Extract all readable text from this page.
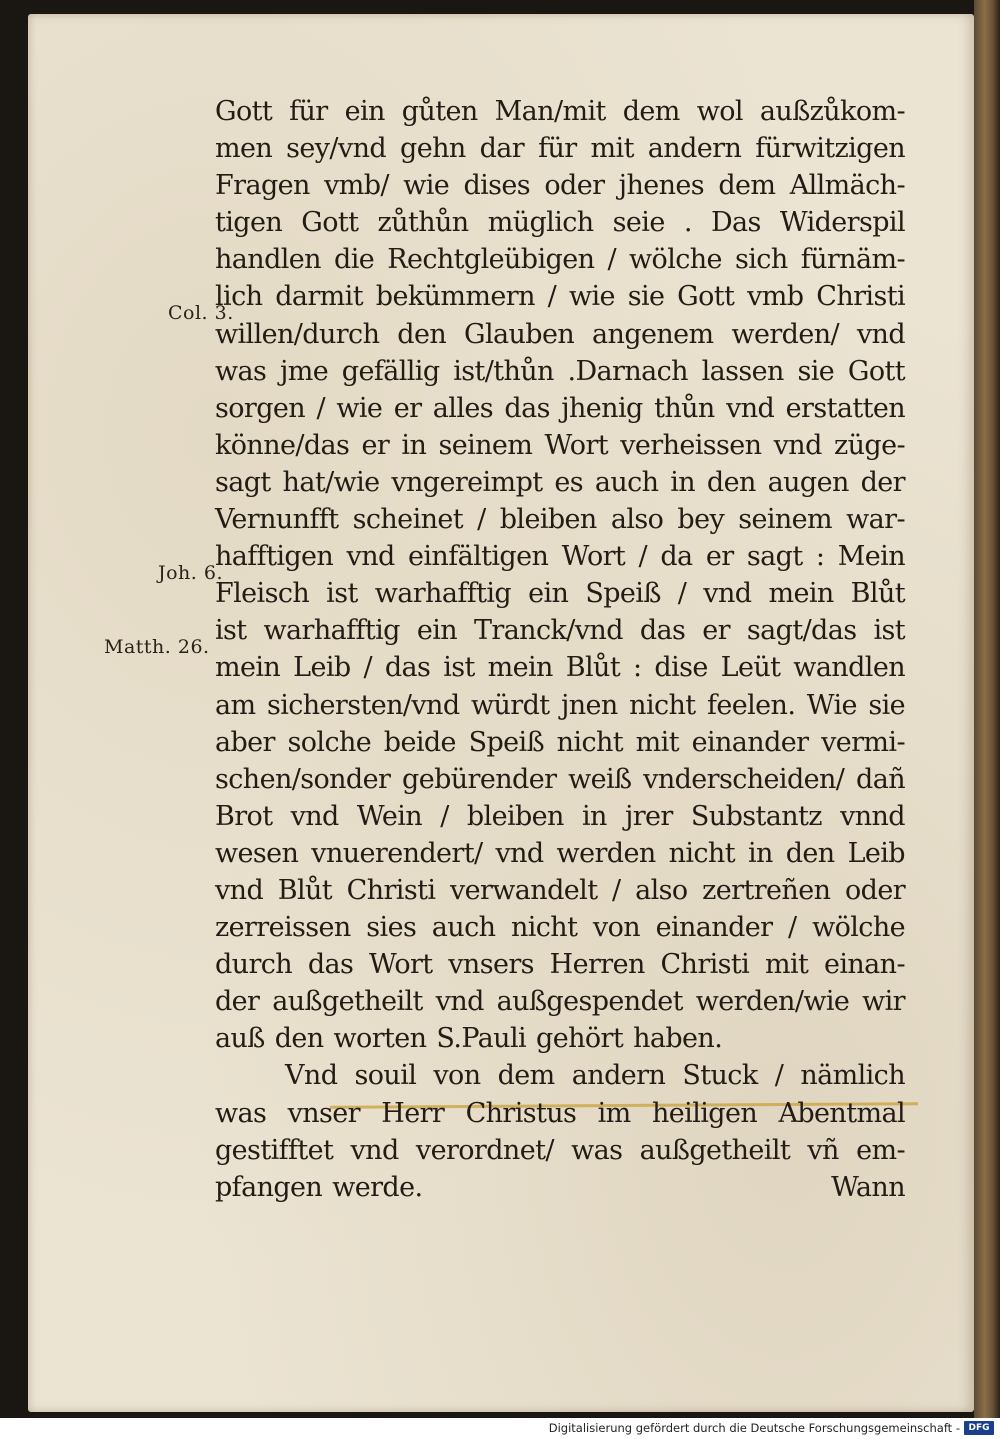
Col. 3.
Joh. 6.
Matth. 26.
Gott für ein gůten Man/mit dem wol außzůkom-
men sey/vnd gehn dar für mit andern fürwitzigen
Fragen vmb/ wie dises oder jhenes dem Allmäch-
tigen Gott zůthůn müglich seie . Das Widerspil
handlen die Rechtgleübigen / wölche sich fürnäm-
lich darmit bekümmern / wie sie Gott vmb Christi
willen/durch den Glauben angenem werden/ vnd
was jme gefällig ist/thůn .Darnach lassen sie Gott
sorgen / wie er alles das jhenig thůn vnd erstatten
könne/das er in seinem Wort verheissen vnd züge-
sagt hat/wie vngereimpt es auch in den augen der
Vernunfft scheinet / bleiben also bey seinem war-
hafftigen vnd einfältigen Wort / da er sagt : Mein
Fleisch ist warhafftig ein Speiß / vnd mein Blůt
ist warhafftig ein Tranck/vnd das er sagt/das ist
mein Leib / das ist mein Blůt : dise Leüt wandlen
am sichersten/vnd würdt jnen nicht feelen. Wie sie
aber solche beide Speiß nicht mit einander vermi-
schen/sonder gebürender weiß vnderscheiden/ dañ
Brot vnd Wein / bleiben in jrer Substantz vnnd
wesen vnuerendert/ vnd werden nicht in den Leib
vnd Blůt Christi verwandelt / also zertreñen oder
zerreissen sies auch nicht von einander / wölche
durch das Wort vnsers Herren Christi mit einan-
der außgetheilt vnd außgespendet werden/wie wir
auß den worten S.Pauli gehört haben.
Vnd souil von dem andern Stuck / nämlich
was vnser Herr Christus im heiligen Abentmal
gestifftet vnd verordnet/ was außgetheilt vñ em-
pfangen werde.	Wann
Digitalisierung gefördert durch die Deutsche Forschungsgemeinschaft - DFG
